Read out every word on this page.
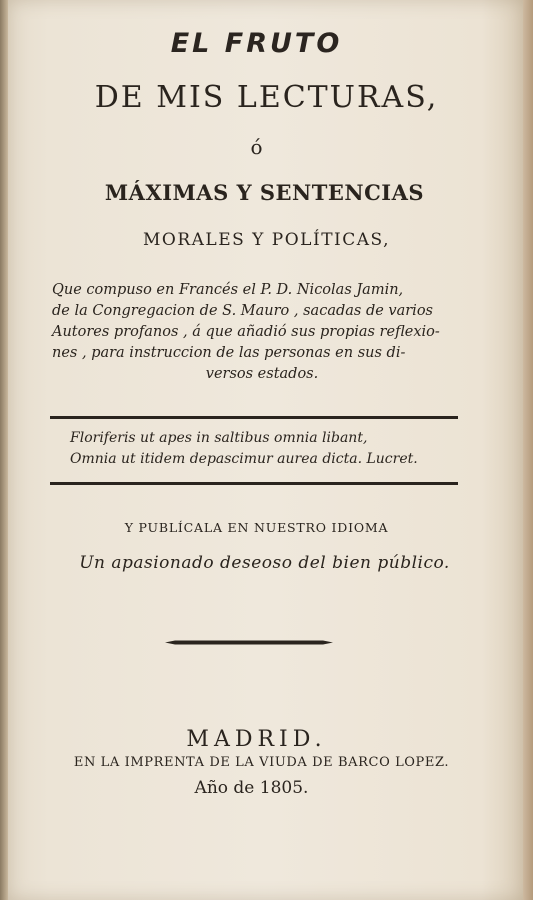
EL FRUTO
DE MIS LECTURAS,
ó
MÁXIMAS Y SENTENCIAS
MORALES Y POLÍTICAS,
Que compuso en Francés el P. D. Nicolas Jamin,
de la Congregacion de S. Mauro , sacadas de varios
Autores profanos , á que añadió sus propias reflexio-
nes , para instruccion de las personas en sus di-
versos estados.
Floriferis ut apes in saltibus omnia libant,
Omnia ut itidem depascimur aurea dicta. Lucret.
Y PUBLÍCALA EN NUESTRO IDIOMA
Un apasionado deseoso del bien público.
MADRID.
EN LA IMPRENTA DE LA VIUDA DE BARCO LOPEZ.
Año de 1805.
